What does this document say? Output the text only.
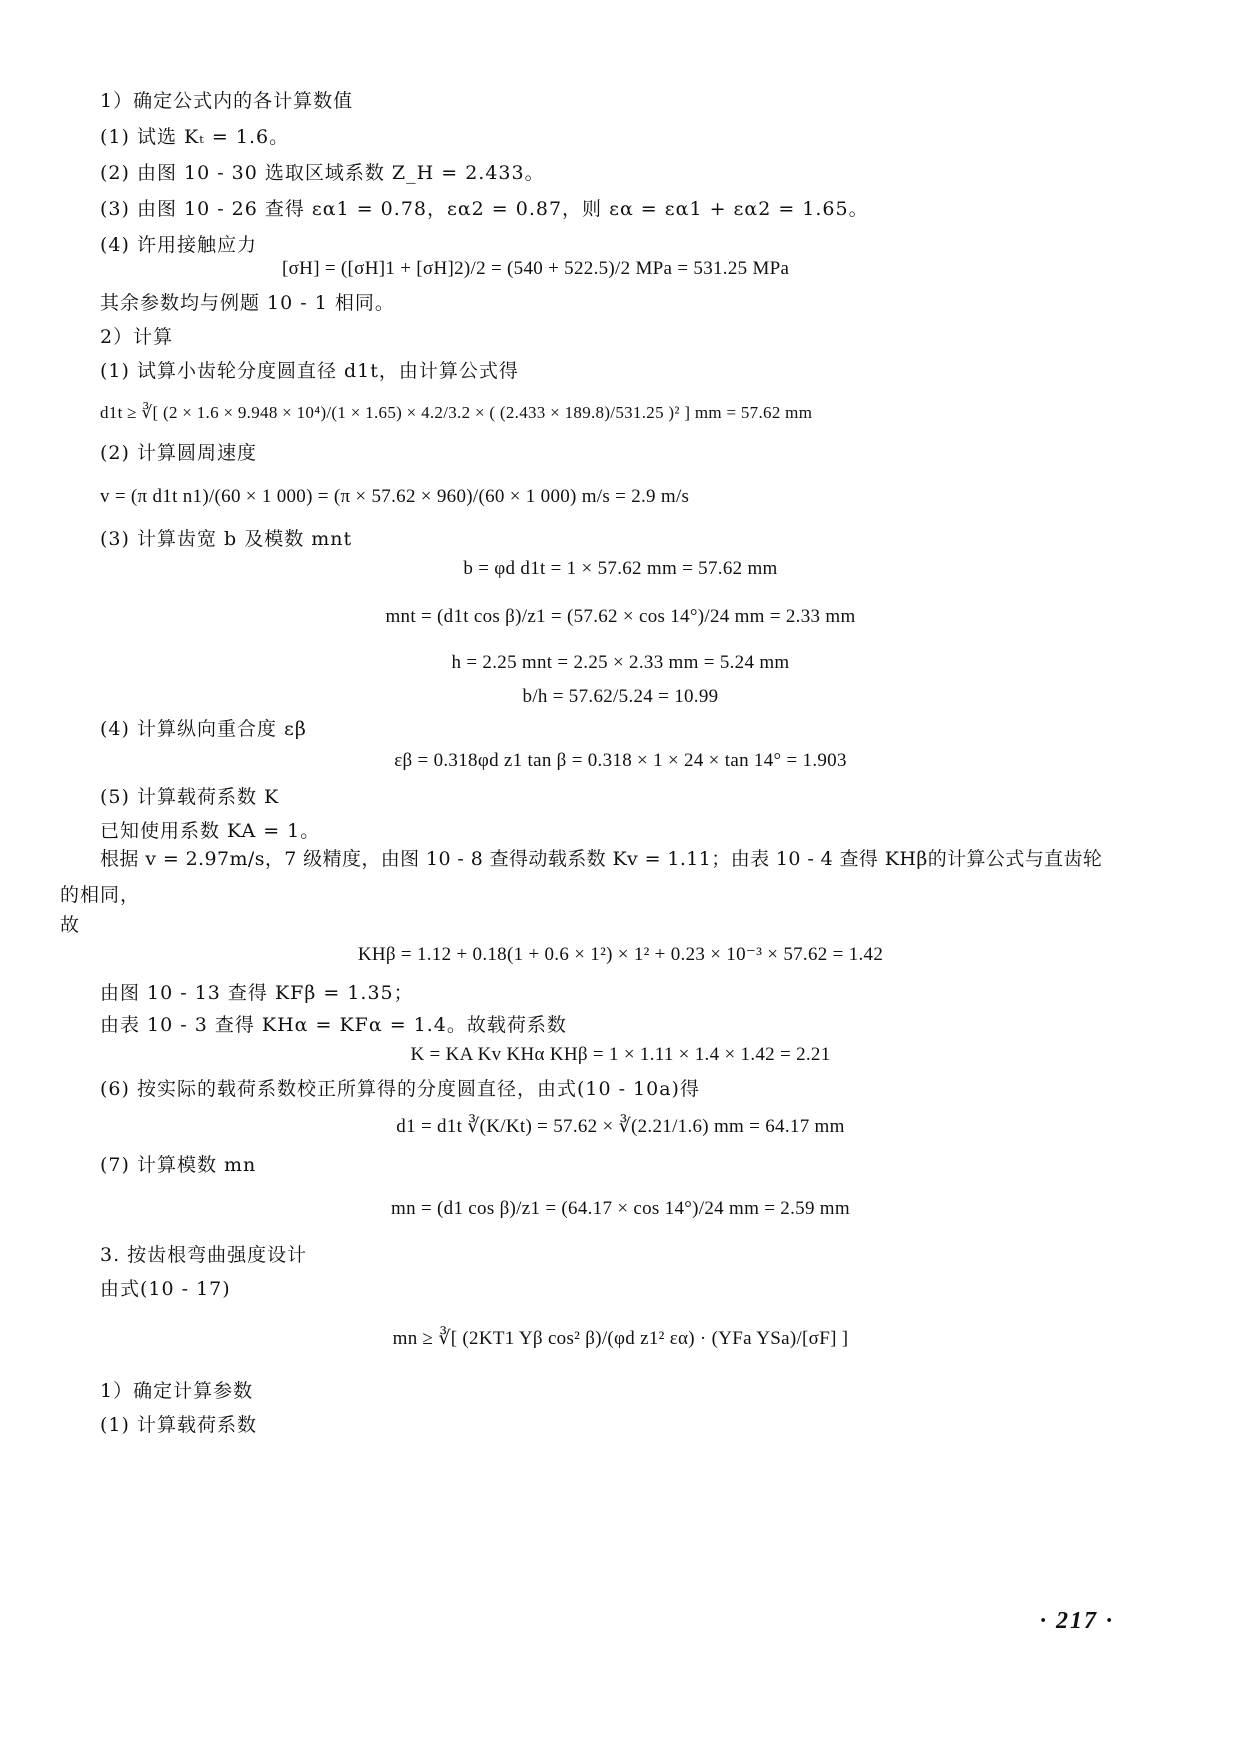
1）确定公式内的各计算数值
(1) 试选 Kₜ = 1.6。
(2) 由图 10 - 30 选取区域系数 Z_H = 2.433。
(3) 由图 10 - 26 查得 εα1 = 0.78，εα2 = 0.87，则 εα = εα1 + εα2 = 1.65。
(4) 许用接触应力
[σH] = ([σH]1 + [σH]2)/2 = (540 + 522.5)/2 MPa = 531.25 MPa
其余参数均与例题 10 - 1 相同。
2）计算
(1) 试算小齿轮分度圆直径 d1t，由计算公式得
d1t ≥ ∛[ (2 × 1.6 × 9.948 × 10⁴)/(1 × 1.65) × 4.2/3.2 × ( (2.433 × 189.8)/531.25 )² ] mm = 57.62 mm
(2) 计算圆周速度
v = (π d1t n1)/(60 × 1 000) = (π × 57.62 × 960)/(60 × 1 000) m/s = 2.9 m/s
(3) 计算齿宽 b 及模数 mnt
b = φd d1t = 1 × 57.62 mm = 57.62 mm
mnt = (d1t cos β)/z1 = (57.62 × cos 14°)/24 mm = 2.33 mm
h = 2.25 mnt = 2.25 × 2.33 mm = 5.24 mm
b/h = 57.62/5.24 = 10.99
(4) 计算纵向重合度 εβ
εβ = 0.318φd z1 tan β = 0.318 × 1 × 24 × tan 14° = 1.903
(5) 计算载荷系数 K
已知使用系数 KA = 1。
根据 v = 2.97m/s，7 级精度，由图 10 - 8 查得动载系数 Kv = 1.11；由表 10 - 4 查得 KHβ的计算公式与直齿轮
的相同，
故
KHβ = 1.12 + 0.18(1 + 0.6 × 1²) × 1² + 0.23 × 10⁻³ × 57.62 = 1.42
由图 10 - 13 查得 KFβ = 1.35；
由表 10 - 3 查得 KHα = KFα = 1.4。故载荷系数
K = KA Kv KHα KHβ = 1 × 1.11 × 1.4 × 1.42 = 2.21
(6) 按实际的载荷系数校正所算得的分度圆直径，由式(10 - 10a)得
d1 = d1t ∛(K/Kt) = 57.62 × ∛(2.21/1.6) mm = 64.17 mm
(7) 计算模数 mn
mn = (d1 cos β)/z1 = (64.17 × cos 14°)/24 mm = 2.59 mm
3. 按齿根弯曲强度设计
由式(10 - 17)
mn ≥ ∛[ (2KT1 Yβ cos² β)/(φd z1² εα) · (YFa YSa)/[σF] ]
1）确定计算参数
(1) 计算载荷系数
· 217 ·
